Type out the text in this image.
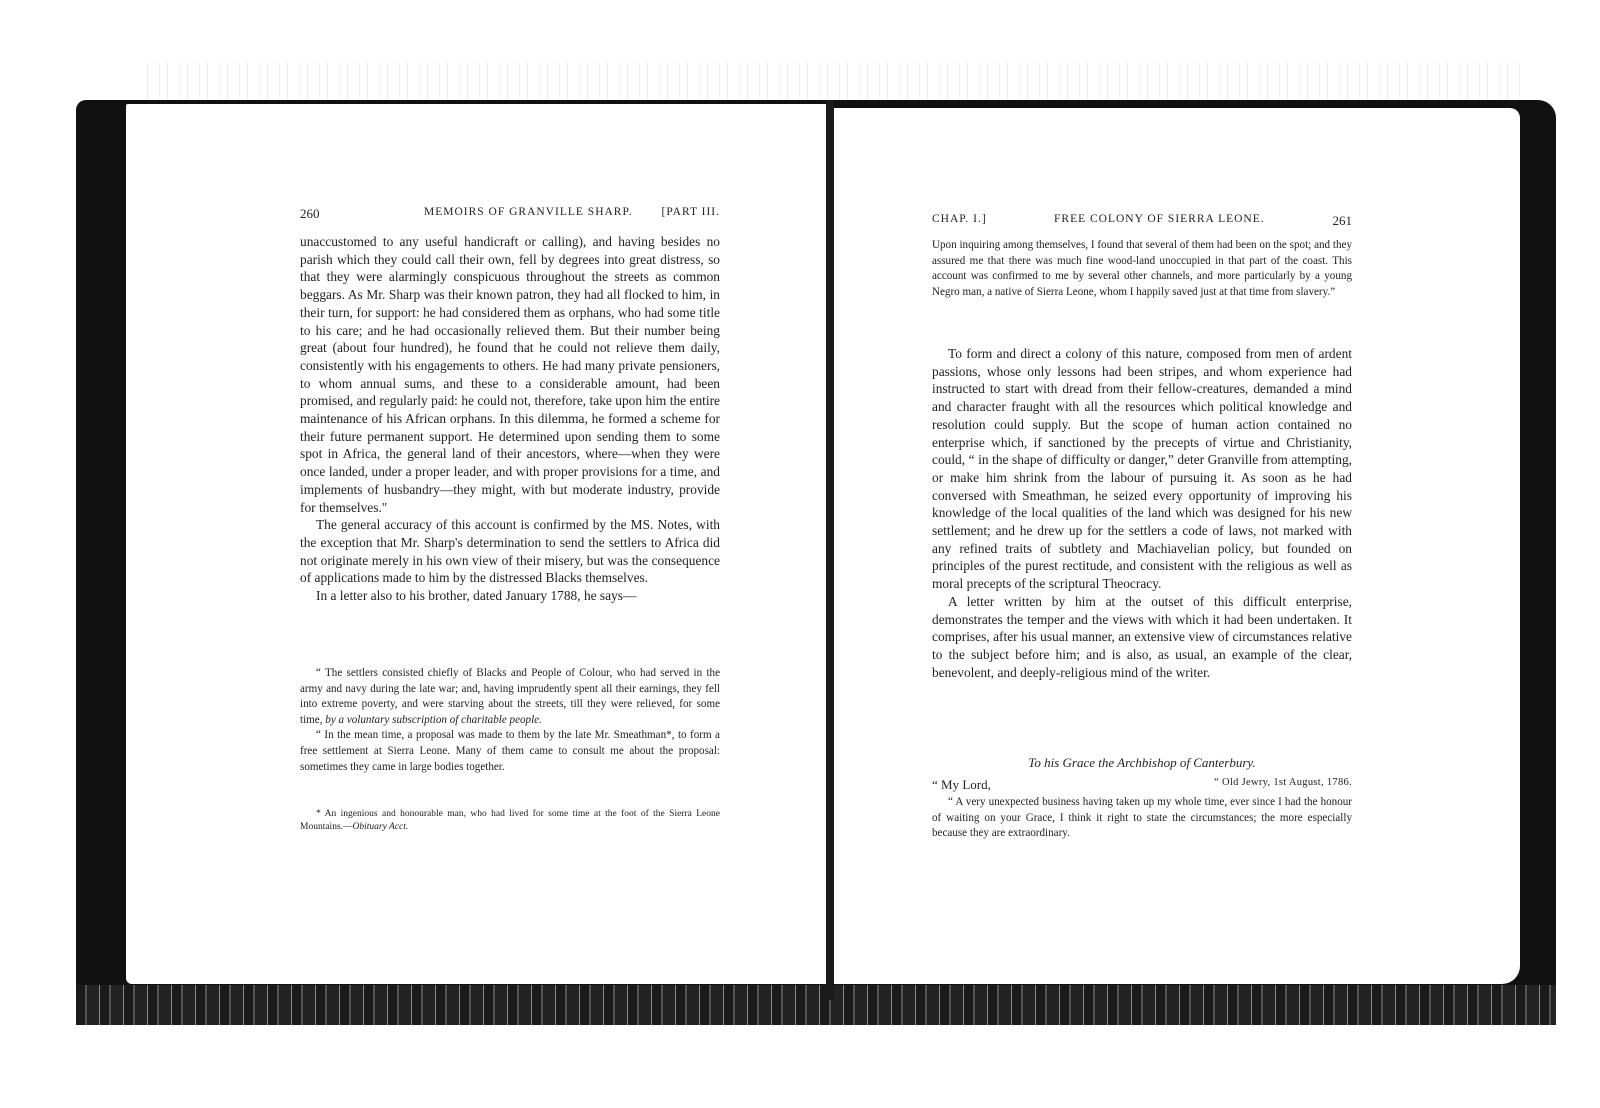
260	MEMOIRS OF GRANVILLE SHARP.	[PART III.

unaccustomed to any useful handicraft or calling), and having besides no parish which they could call their own, fell by degrees into great distress, so that they were alarmingly conspicuous throughout the streets as common beggars. As Mr. Sharp was their known patron, they had all flocked to him, in their turn, for support: he had considered them as orphans, who had some title to his care; and he had occasionally relieved them. But their number being great (about four hundred), he found that he could not relieve them daily, consistently with his engagements to others. He had many private pensioners, to whom annual sums, and these to a considerable amount, had been promised, and regularly paid: he could not, therefore, take upon him the entire maintenance of his African orphans. In this dilemma, he formed a scheme for their future permanent support. He determined upon sending them to some spot in Africa, the general land of their ancestors, where—when they were once landed, under a proper leader, and with proper provisions for a time, and implements of husbandry—they might, with but moderate industry, provide for themselves."

The general accuracy of this account is confirmed by the MS. Notes, with the exception that Mr. Sharp's determination to send the settlers to Africa did not originate merely in his own view of their misery, but was the consequence of applications made to him by the distressed Blacks themselves.

In a letter also to his brother, dated January 1788, he says—

“ The settlers consisted chiefly of Blacks and People of Colour, who had served in the army and navy during the late war; and, having imprudently spent all their earnings, they fell into extreme poverty, and were starving about the streets, till they were relieved, for some time, by a voluntary subscription of charitable people.

“ In the mean time, a proposal was made to them by the late Mr. Smeathman*, to form a free settlement at Sierra Leone. Many of them came to consult me about the proposal: sometimes they came in large bodies together.

* An ingenious and honourable man, who had lived for some time at the foot of the Sierra Leone Mountains.—Obituary Acct.

CHAP. I.]	FREE COLONY OF SIERRA LEONE.	261

Upon inquiring among themselves, I found that several of them had been on the spot; and they assured me that there was much fine wood-land unoccupied in that part of the coast. This account was confirmed to me by several other channels, and more particularly by a young Negro man, a native of Sierra Leone, whom I happily saved just at that time from slavery.”

To form and direct a colony of this nature, composed from men of ardent passions, whose only lessons had been stripes, and whom experience had instructed to start with dread from their fellow-creatures, demanded a mind and character fraught with all the resources which political knowledge and resolution could supply. But the scope of human action contained no enterprise which, if sanctioned by the precepts of virtue and Christianity, could, “ in the shape of difficulty or danger,” deter Granville from attempting, or make him shrink from the labour of pursuing it. As soon as he had conversed with Smeathman, he seized every opportunity of improving his knowledge of the local qualities of the land which was designed for his new settlement; and he drew up for the settlers a code of laws, not marked with any refined traits of subtlety and Machiavelian policy, but founded on principles of the purest rectitude, and consistent with the religious as well as moral precepts of the scriptural Theocracy.

A letter written by him at the outset of this difficult enterprise, demonstrates the temper and the views with which it had been undertaken. It comprises, after his usual manner, an extensive view of circumstances relative to the subject before him; and is also, as usual, an example of the clear, benevolent, and deeply-religious mind of the writer.

To his Grace the Archbishop of Canterbury.

“ My Lord,	“ Old Jewry, 1st August, 1786.

“ A very unexpected business having taken up my whole time, ever since I had the honour of waiting on your Grace, I think it right to state the circumstances; the more especially because they are extraordinary.
